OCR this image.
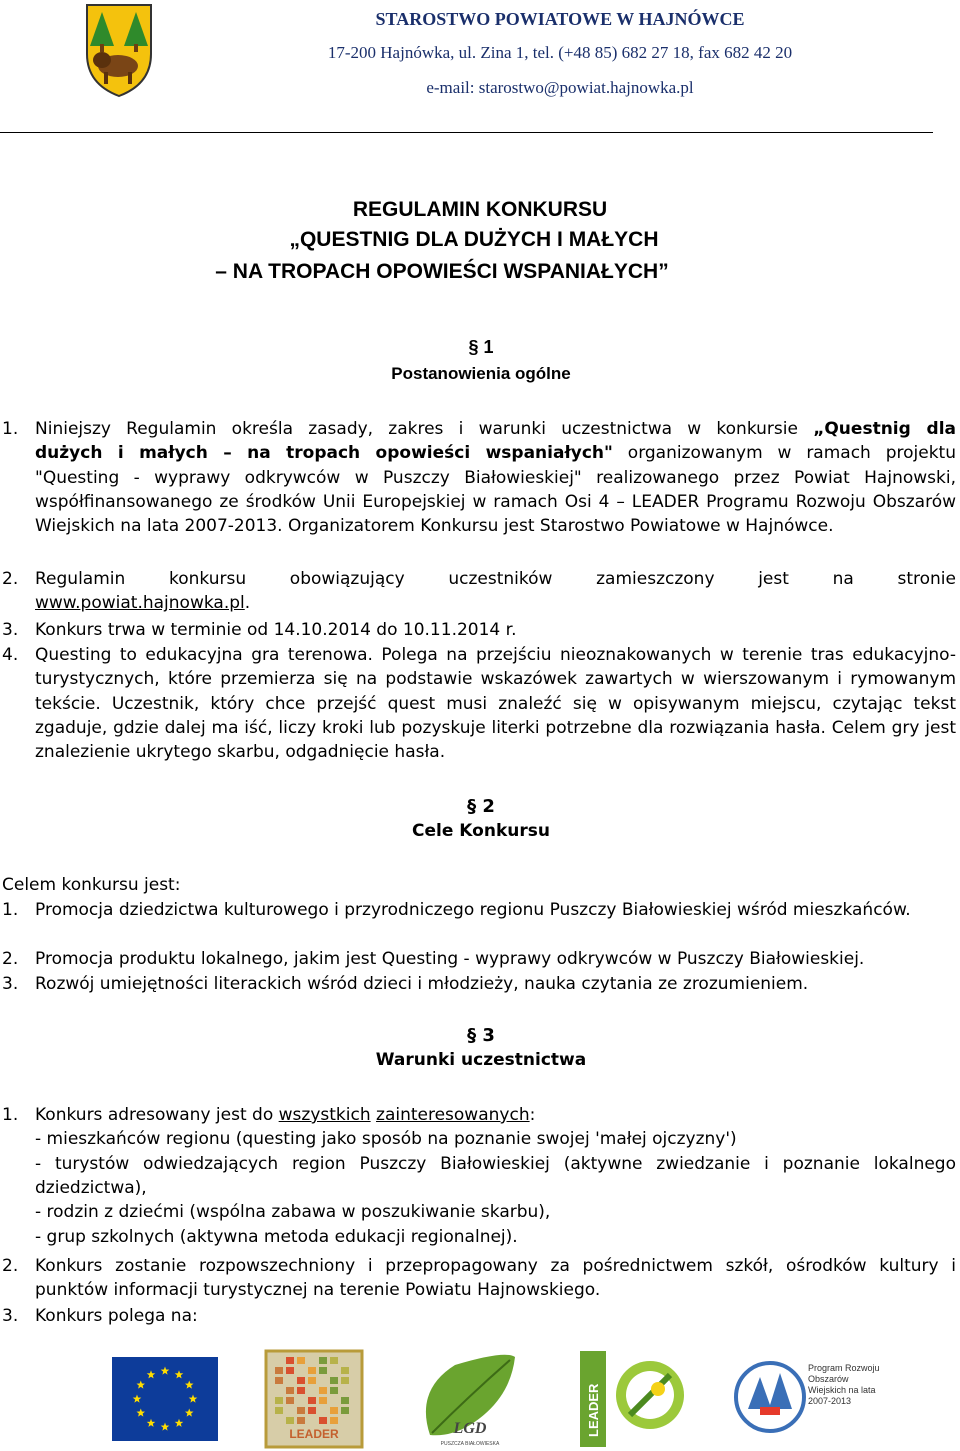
STAROSTWO POWIATOWE W HAJNÓWCE
17-200 Hajnówka, ul. Zina 1, tel. (+48 85) 682 27 18, fax 682 42 20
e-mail: starostwo@powiat.hajnowka.pl
REGULAMIN KONKURSU
„QUESTNIG DLA DUŻYCH I MAŁYCH
– NA TROPACH OPOWIEŚCI WSPANIAŁYCH”
§ 1
Postanowienia ogólne
1. Niniejszy Regulamin określa zasady, zakres i warunki uczestnictwa w konkursie „Questnig dla
dużych i małych – na tropach opowieści wspaniałych" organizowanym w ramach projektu
"Questing - wyprawy odkrywców w Puszczy Białowieskiej" realizowanego przez Powiat Hajnowski, współfinansowanego ze środków Unii Europejskiej w ramach Osi 4 – LEADER Programu Rozwoju Obszarów Wiejskich na lata 2007-2013. Organizatorem Konkursu jest Starostwo Powiatowe w Hajnówce.
2. Regulamin konkursu obowiązujący uczestników zamieszczony jest na stronie
www.powiat.hajnowka.pl.
3. Konkurs trwa w terminie od 14.10.2014 do 10.11.2014 r.
4. Questing to edukacyjna gra terenowa. Polega na przejściu nieoznakowanych w terenie tras edukacyjno-turystycznych, które przemierza się na podstawie wskazówek zawartych w wierszowanym i rymowanym tekście. Uczestnik, który chce przejść quest musi znaleźć się w opisywanym miejscu, czytając tekst zgaduje, gdzie dalej ma iść, liczy kroki lub pozyskuje literki potrzebne dla rozwiązania hasła. Celem gry jest znalezienie ukrytego skarbu, odgadnięcie hasła.
§ 2
Cele Konkursu
Celem konkursu jest:
1. Promocja dziedzictwa kulturowego i przyrodniczego regionu Puszczy Białowieskiej wśród mieszkańców.
2. Promocja produktu lokalnego, jakim jest Questing - wyprawy odkrywców w Puszczy Białowieskiej.
3. Rozwój umiejętności literackich wśród dzieci i młodzieży, nauka czytania ze zrozumieniem.
§ 3
Warunki uczestnictwa
1. Konkurs adresowany jest do wszystkich zainteresowanych:
- mieszkańców regionu (questing jako sposób na poznanie swojej 'małej ojczyzny')
- turystów odwiedzających region Puszczy Białowieskiej (aktywne zwiedzanie i poznanie lokalnego dziedzictwa),
- rodzin z dziećmi (wspólna zabawa w poszukiwanie skarbu),
- grup szkolnych (aktywna metoda edukacji regionalnej).
2. Konkurs zostanie rozpowszechniony i przepropagowany za pośrednictwem szkół, ośrodków kultury i punktów informacji turystycznej na terenie Powiatu Hajnowskiego.
3. Konkurs polega na:
LEADER	LGD
PUSZCZA BIAŁOWIESKA
LEADER
Program Rozwoju Obszarów Wiejskich na lata 2007-2013
